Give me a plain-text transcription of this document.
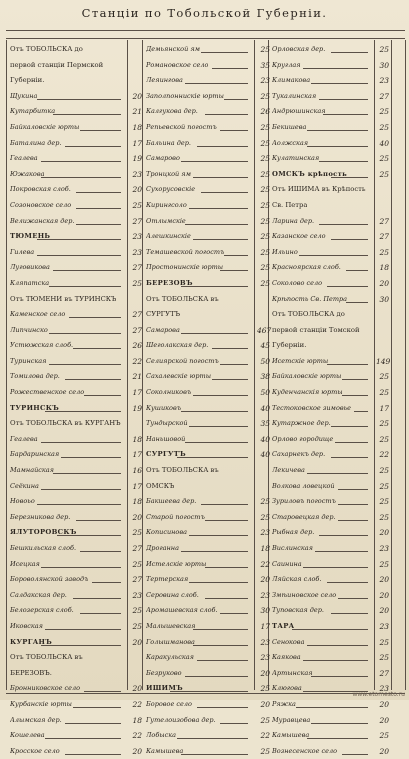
Станціи по Тобольской Губерніи.
Отъ ТОБОЛЬСКА до
первой станціи Пермской
Губерніи.
Щукина	20
Кутарбитка	21
Байкаловскіе юрты	18
Баталина дер.	17
Геалева	19
Южакова	23
Покровская слоб.	20
Созоновское село	25
Велижанская дер.	27
ТЮМЕНЬ	23
Гилева	23
Луговикова	27
Кляпатска	25
Отъ ТЮМЕНИ въ ТУРИНСКЪ
Каменское село	27
Липчинско	27
Устюжская слоб.	26
Туринская	22
Томилова дер.	21
Рожественское село	17
ТУРИНСКЪ	19
Отъ ТОБОЛЬСКА въ КУРГАНЪ
Геалева	18
Бардаринская	17
Мамнайская	16
Сеёкина	17
Новоьо	18
Березникова дер.	20
ЯЛУТОРОВСКЪ	25
Бешкильская слоб.	27
Исецкая	25
Бороволянской заводъ	27
Салдакская дер.	23
Белозерская слоб.	25
Иковская	25
КУРГАНЪ	20
Отъ ТОБОЛЬСКА въ
БЕРЕЗОВЪ.
Бронниковское село	20
Курбанскіе юрты	22
Алымская дер.	18
Кошелева	22
Кросское село	20
Демьянской ям	25
Романовское село	35
Леяингова	23
Заполпоннискіе юрты	25
Калгукова дер.	26
Репьевской погостъ	25
Бальина дер.	25
Самарово	25
Тронцкой ям	25
Сухорусовскіе	25
Кирингсоло	25
Отлымскіе	25
Алешкинскіе	25
Темашевской погостъ	25
Простонинскіе юрты	25
БЕРЕЗОВЪ	25
Отъ ТОБОЛЬСКА въ
СУРГУТЪ
Самарова	467
Шеголакская дер.	45
Селиярской погостъ	50
Сахалевскіе юрты	38
Соколниковъ	50
Кушиковъ	40
Тундырской	35
Наньшовой	40
СУРГУТЪ	40
Отъ ТОБОЛЬСКА въ
ОМСКЪ
Бакшеева дер.	25
Старой погостъ	25
Кописинова	23
Дроганна	18
Истелскіе юрты	22
Тертерская	20
Серовина слоб.	23
Аромашевская слоб.	30
Малышевская	17
Голышманова	23
Каракульская	23
Безруково	20
ИШИМЪ	25
Боровое село	20
Гутелоизобова дер.	25
Лобыска	22
Камышева	25
Орловская дер.	25
Круглая	30
Климакова	23
Тукалинская	27
Андрюшинская	25
Бекишева	25
Аолжская	40
Кулатинская	25
ОМСКЪ крѣпость	25
Отъ ИШИМА въ Крѣпость
Св. Петра
Ларина дер.	27
Казанское село	27
Ильино	25
Красноярская слоб.	18
Соколово село	20
Крѣпость Св. Петра	30
Отъ ТОБОЛЬСКА до
первой станціи Томской
Губерніи.
Исетскіе юрты	149
Байкаловскіе юрты	25
Куденчанскія юрты	25
Тестоковское зимовье	17
Кутаржное дер.	25
Орлово городище	25
Сахарнекъ дер.	22
Лекичева	25
Волкова ловецкой	25
Зуриловъ погостъ	25
Старовецкая дер.	25
Рыбная дер.	20
Вислинская	23
Саинина	25
Ляйская слоб.	20
Змѣиновское село	20
Туповская дер.	20
ТАРА	23
Сенокова	25
Каякова	25
Артынская	27
Клюгова	23
Ряжка	20
Муравцева	20
Камышева	25
Вознесенское село	20
www.etomesto.ru
